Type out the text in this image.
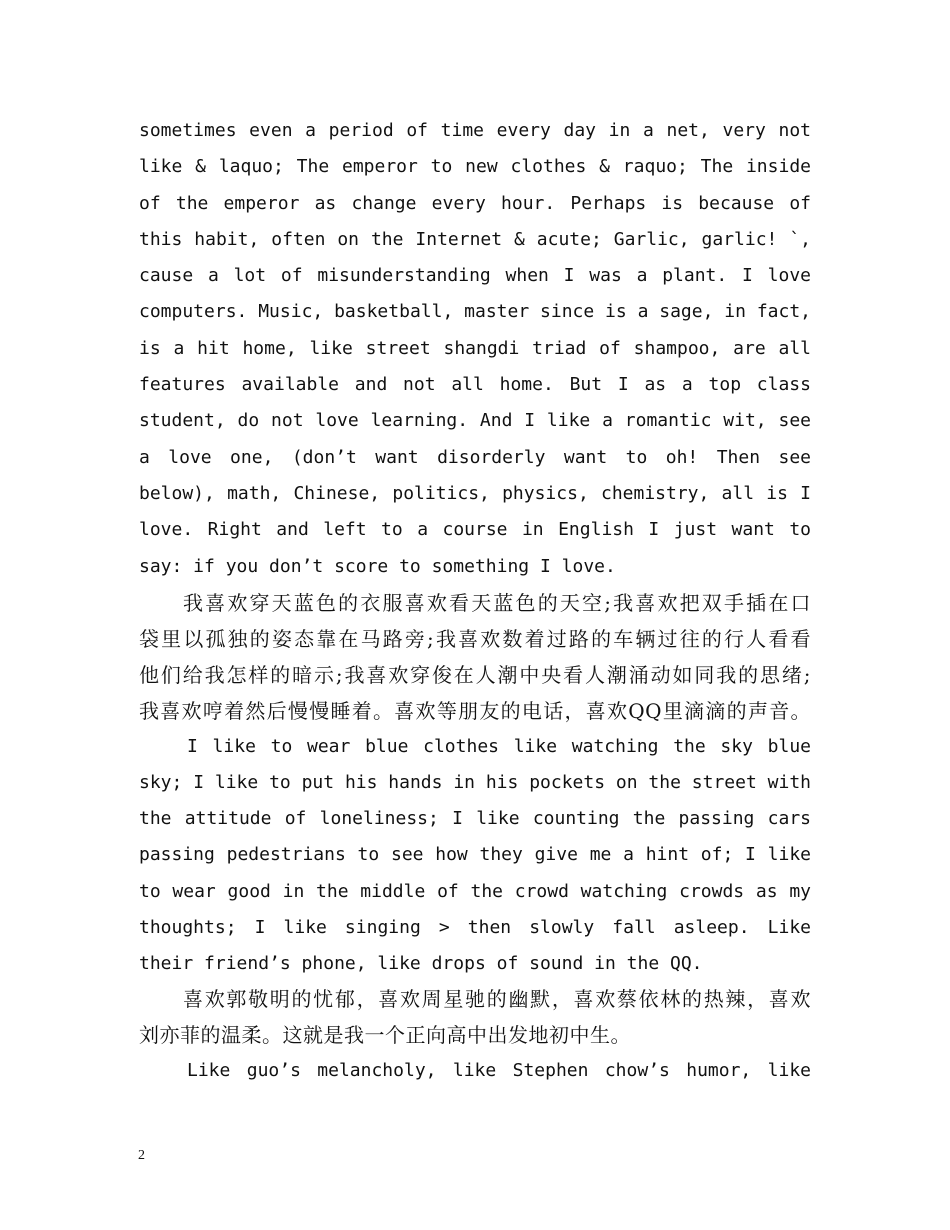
sometimes even a period of time every day in a net, very not
like & laquo; The emperor to new clothes & raquo; The inside
of the emperor as change every hour. Perhaps is because of
this habit, often on the Internet & acute; Garlic, garlic! `,
cause a lot of misunderstanding when I was a plant. I love
computers. Music, basketball, master since is a sage, in fact,
is a hit home, like street shangdi triad of shampoo, are all
features available and not all home. But I as a top class
student, do not love learning. And I like a romantic wit, see
a love one, (don’t want disorderly want to oh! Then see
below), math, Chinese, politics, physics, chemistry, all is I
love. Right and left to a course in English I just want to
say: if you don’t score to something I love.
我喜欢穿天蓝色的衣服喜欢看天蓝色的天空;我喜欢把双手插在口
袋里以孤独的姿态靠在马路旁;我喜欢数着过路的车辆过往的行人看看
他们给我怎样的暗示;我喜欢穿俊在人潮中央看人潮涌动如同我的思绪;
我喜欢哼着然后慢慢睡着。喜欢等朋友的电话，喜欢QQ里滴滴的声音。
I like to wear blue clothes like watching the sky blue
sky; I like to put his hands in his pockets on the street with
the attitude of loneliness; I like counting the passing cars
passing pedestrians to see how they give me a hint of; I like
to wear good in the middle of the crowd watching crowds as my
thoughts; I like singing > then slowly fall asleep. Like
their friend’s phone, like drops of sound in the QQ.
喜欢郭敬明的忧郁，喜欢周星驰的幽默，喜欢蔡依林的热辣，喜欢
刘亦菲的温柔。这就是我一个正向高中出发地初中生。
Like guo’s melancholy, like Stephen chow’s humor, like
2
